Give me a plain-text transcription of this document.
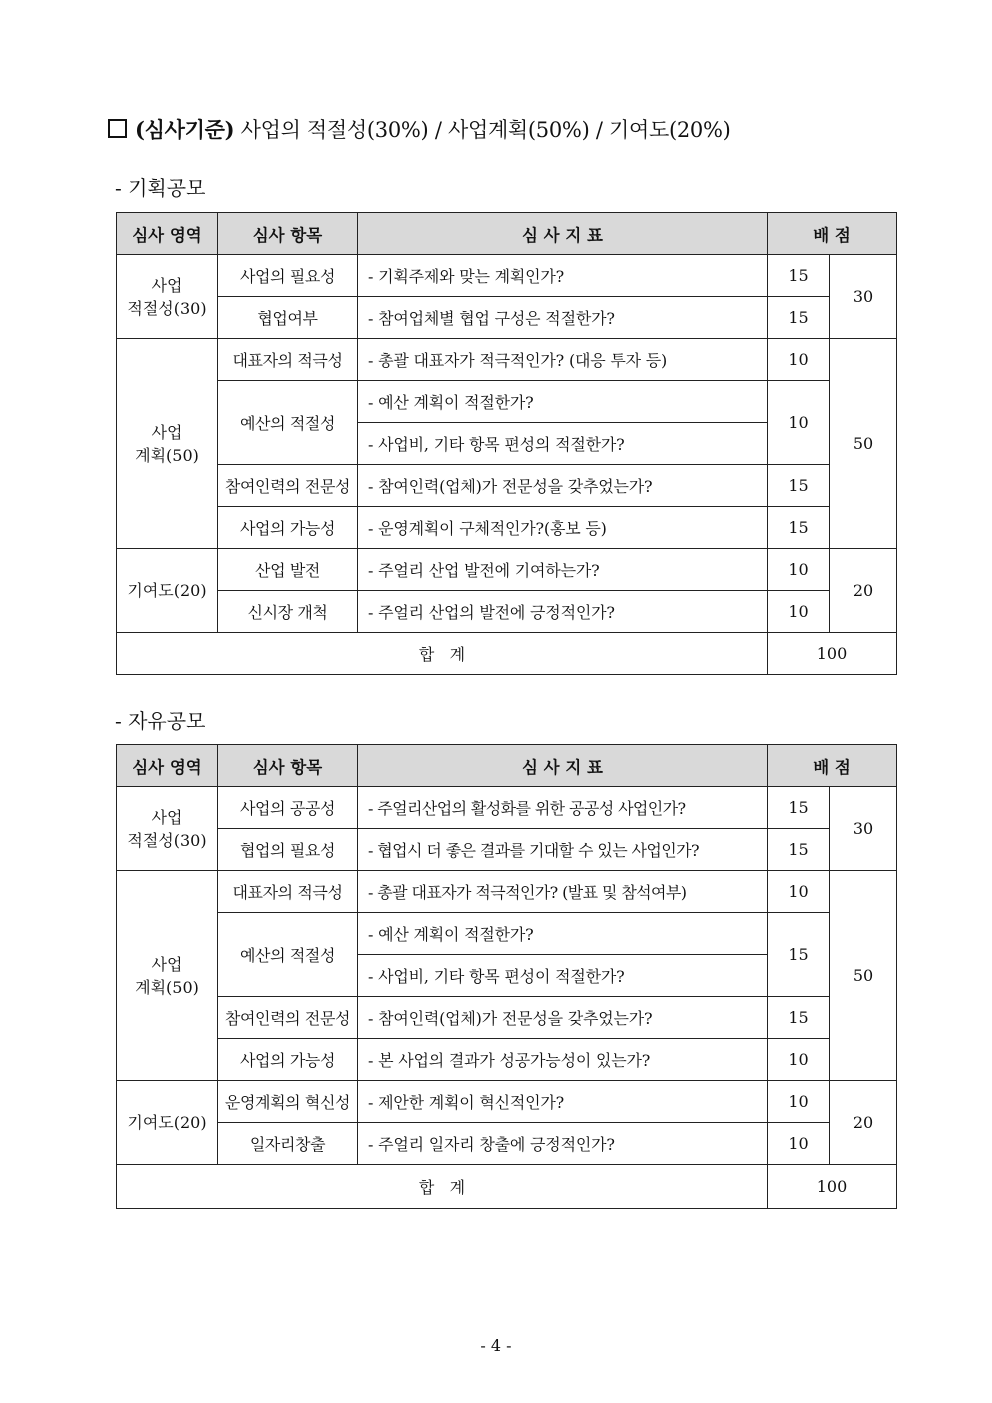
(심사기준) 사업의 적절성(30%) / 사업계획(50%) / 기여도(20%)
- 기획공모
심사 영역	심사 항목	심 사 지 표	배 점	
사업
적절성(30)	사업의 필요성	- 기획주제와 맞는 계획인가?	15	30
	협업여부	- 참여업체별 협업 구성은 적절한가?	15	
사업
계획(50)	대표자의 적극성	- 총괄 대표자가 적극적인가? (대응 투자 등)	10	50
	예산의 적절성	- 예산 계획이 적절한가?	10	
		- 사업비, 기타 항목 편성의 적절한가?		
	참여인력의 전문성	- 참여인력(업체)가 전문성을 갖추었는가?	15	
	사업의 가능성	- 운영계획이 구체적인가?(홍보 등)	15	
기여도(20)	산업 발전	- 주얼리 산업 발전에 기여하는가?	10	20
	신시장 개척	- 주얼리 산업의 발전에 긍정적인가?	10	
합   계			100	
- 자유공모
심사 영역	심사 항목	심 사 지 표	배 점	
사업
적절성(30)	사업의 공공성	- 주얼리산업의 활성화를 위한 공공성 사업인가?	15	30
	협업의 필요성	- 협업시 더 좋은 결과를 기대할 수 있는 사업인가?	15	
사업
계획(50)	대표자의 적극성	- 총괄 대표자가 적극적인가? (발표 및 참석여부)	10	50
	예산의 적절성	- 예산 계획이 적절한가?	15	
		- 사업비, 기타 항목 편성이 적절한가?		
	참여인력의 전문성	- 참여인력(업체)가 전문성을 갖추었는가?	15	
	사업의 가능성	- 본 사업의 결과가 성공가능성이 있는가?	10	
기여도(20)	운영계획의 혁신성	- 제안한 계획이 혁신적인가?	10	20
	일자리창출	- 주얼리 일자리 창출에 긍정적인가?	10	
합   계			100	
- 4 -
